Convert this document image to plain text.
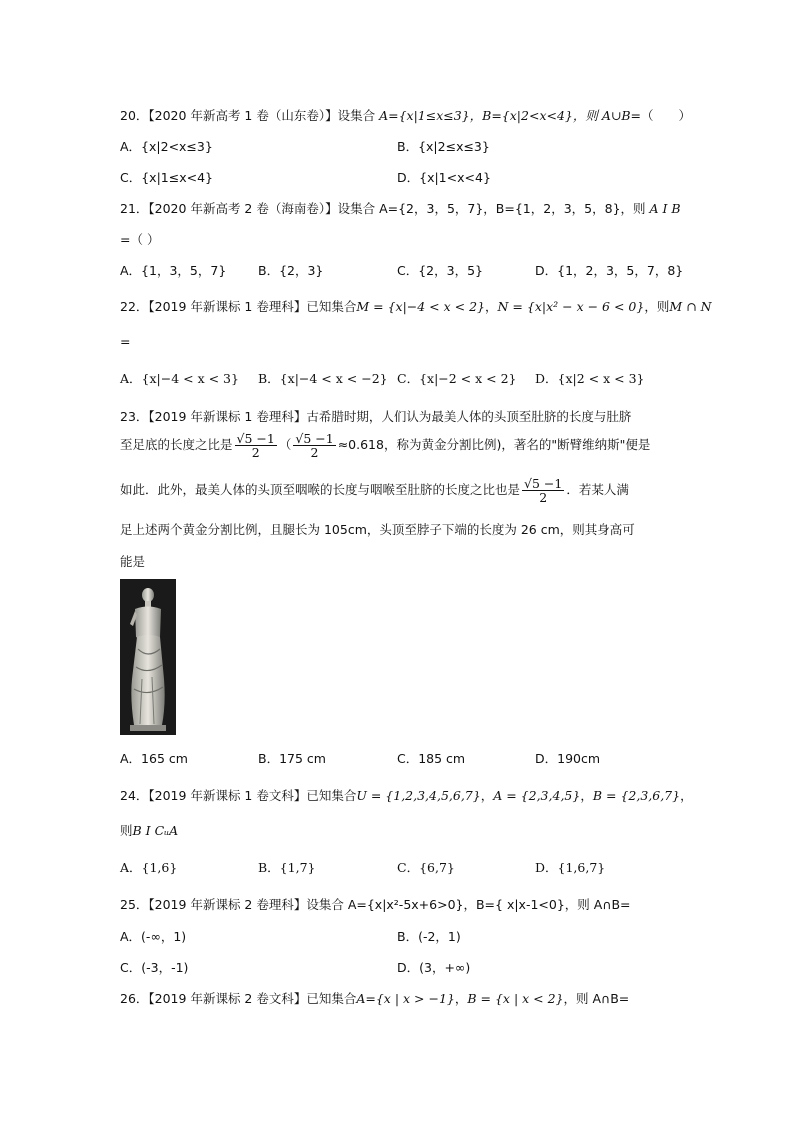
20．【2020 年新高考 1 卷（山东卷）】设集合 A={x|1≤x≤3}，B={x|2<x<4}，则 A∪B=（　　）
A．{x|2<x≤3}	B．{x|2≤x≤3}
C．{x|1≤x<4}	D．{x|1<x<4}
21．【2020 年新高考 2 卷（海南卷）】设集合 A={2，3，5，7}，B={1，2，3，5，8}，则 A I B
=（ ）
A．{1，3，5，7}	B．{2，3}	C．{2，3，5}	D．{1，2，3，5，7，8}
22．【2019 年新课标 1 卷理科】已知集合M = {x|−4 < x < 2}，N = {x|x² − x − 6 < 0}，则M ∩ N
=
A．{x|−4 < x < 3} B．{x|−4 < x < −2} C．{x|−2 < x < 2} D．{x|2 < x < 3}
23．【2019 年新课标 1 卷理科】古希腊时期，人们认为最美人体的头顶至肚脐的长度与肚脐
至足底的长度之比是 $\frac{√5 -1}{2}$ （ $\frac{√5 -1}{2} \approx 0.618$，称为黄金分割比例)，著名的"断臂维纳斯"便是
如此．此外，最美人体的头顶至咽喉的长度与咽喉至肚脐的长度之比也是 $\frac{√5 -1}{2}$ ．若某人满
足上述两个黄金分割比例，且腿长为 105cm，头顶至脖子下端的长度为 26 cm，则其身高可
能是
A．165 cm	B．175 cm	C．185 cm	D．190cm
24．【2019 年新课标 1 卷文科】已知集合U = {1,2,3,4,5,6,7}，A = {2,3,4,5}，B = {2,3,6,7}，
则B I CᵤA
A．{1,6}	B．{1,7}	C．{6,7}	D．{1,6,7}
25．【2019 年新课标 2 卷理科】设集合 A={x|x²-5x+6>0}，B={ x|x-1<0}，则 A∩B=
A．(-∞，1)	B．(-2，1)
C．(-3，-1)	D．(3，+∞)
26．【2019 年新课标 2 卷文科】已知集合A={x | x > −1}，B = {x | x < 2}，则 A∩B=
